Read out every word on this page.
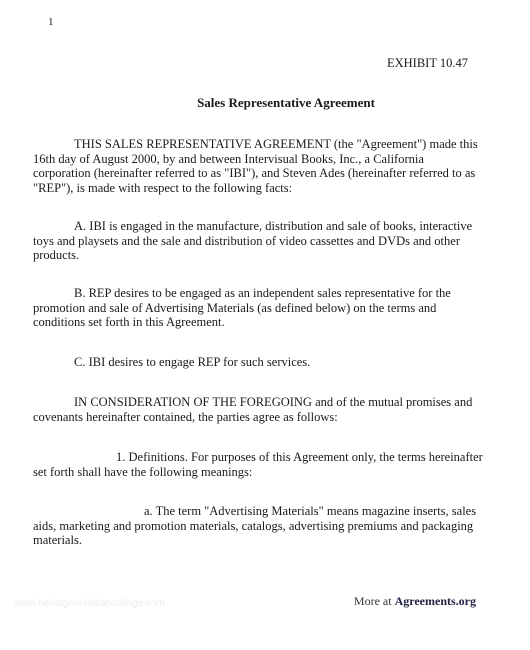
1
EXHIBIT 10.47
Sales Representative Agreement

THIS SALES REPRESENTATIVE AGREEMENT (the "Agreement") made this 16th day of August 2000, by and between Intervisual Books, Inc., a California corporation (hereinafter referred to as "IBI"), and Steven Ades (hereinafter referred to as "REP"), is made with respect to the following facts:

A. IBI is engaged in the manufacture, distribution and sale of books, interactive toys and playsets and the sale and distribution of video cassettes and DVDs and other products.

B. REP desires to be engaged as an independent sales representative for the promotion and sale of Advertising Materials (as defined below) on the terms and conditions set forth in this Agreement.

C. IBI desires to engage REP for such services.

IN CONSIDERATION OF THE FOREGOING and of the mutual promises and covenants hereinafter contained, the parties agree as follows:

1. Definitions. For purposes of this Agreement only, the terms hereinafter set forth shall have the following meanings:

a. The term "Advertising Materials" means magazine inserts, sales aids, marketing and promotion materials, catalogs, advertising premiums and packaging materials.

www.heritagechristiancollege.com	More at Agreements.org
